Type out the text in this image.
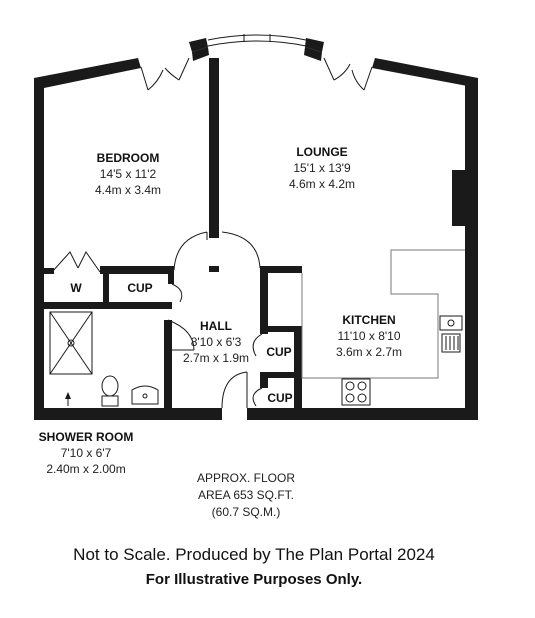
BEDROOM
14'5 x 11'2
4.4m x 3.4m
LOUNGE
15'1 x 13'9
4.6m x 4.2m
KITCHEN
11'10 x 8'10
3.6m x 2.7m
HALL
8'10 x 6'3
2.7m x 1.9m
SHOWER ROOM
7'10 x 6'7
2.40m x 2.00m
W	CUP
CUP
CUP
APPROX. FLOOR
AREA 653 SQ.FT.
(60.7 SQ.M.)
Not to Scale. Produced by The Plan Portal 2024
For Illustrative Purposes Only.
